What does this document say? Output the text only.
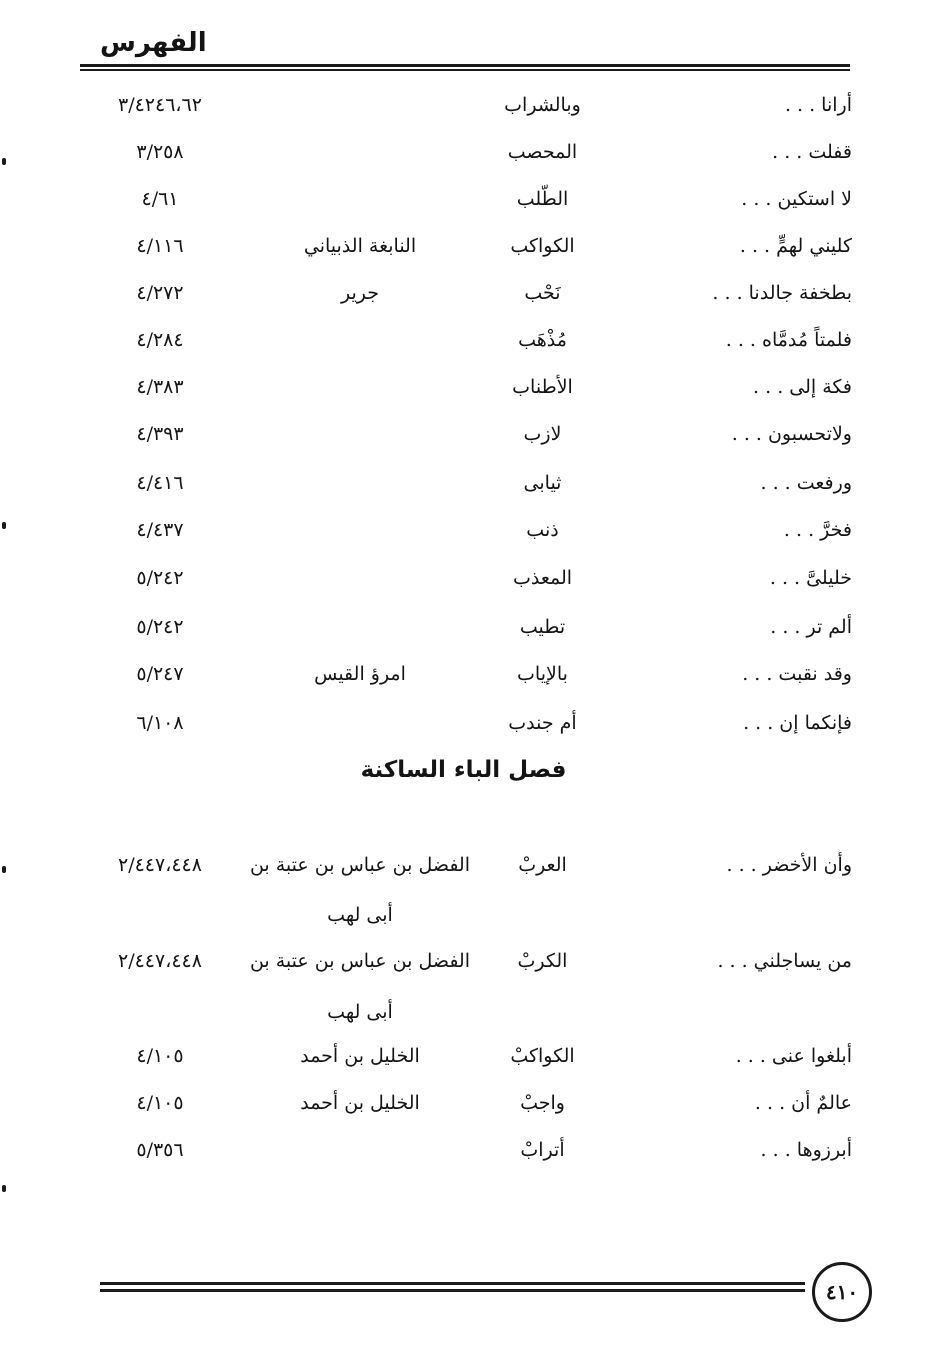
الفهرس
أرانا . . .
وبالشراب
٣/٤٢٤٦،٦٢
قفلت . . .
المحصب
٣/٢٥٨
لا استكين . . .
الطّلب
٤/٦١
كليني لهمٍّ . . .
الكواكب
النابغة الذبياني
٤/١١٦
بطخفة جالدنا . . .
نَحْب
جرير
٤/٢٧٢
فلمتاً مُدمَّاه . . .
مُذْهَب
٤/٢٨٤
فكة إلى . . .
الأطناب
٤/٣٨٣
ولاتحسبون . . .
لازب
٤/٣٩٣
ورفعت . . .
ثيابى
٤/٤١٦
فخرَّ . . .
ذنب
٤/٤٣٧
خليلىَّ . . .
المعذب
٥/٢٤٢
ألم تر . . .
تطيب
٥/٢٤٢
وقد نقبت . . .
بالإياب
امرؤ القيس
٥/٢٤٧
فإنكما إن . . .
أم جندب
٦/١٠٨
فصل الباء الساكنة
وأن الأخضر . . .
العربْ
الفضل بن عباس بن عتبة بن
٢/٤٤٧،٤٤٨
أبى لهب
من يساجلني . . .
الكربْ
الفضل بن عباس بن عتبة بن
٢/٤٤٧،٤٤٨
أبى لهب
أبلغوا عنى . . .
الكواكبْ
الخليل بن أحمد
٤/١٠٥
عالمٌ أن . . .
واجبْ
الخليل بن أحمد
٤/١٠٥
أبرزوها . . .
أترابْ
٥/٣٥٦
٤١٠
